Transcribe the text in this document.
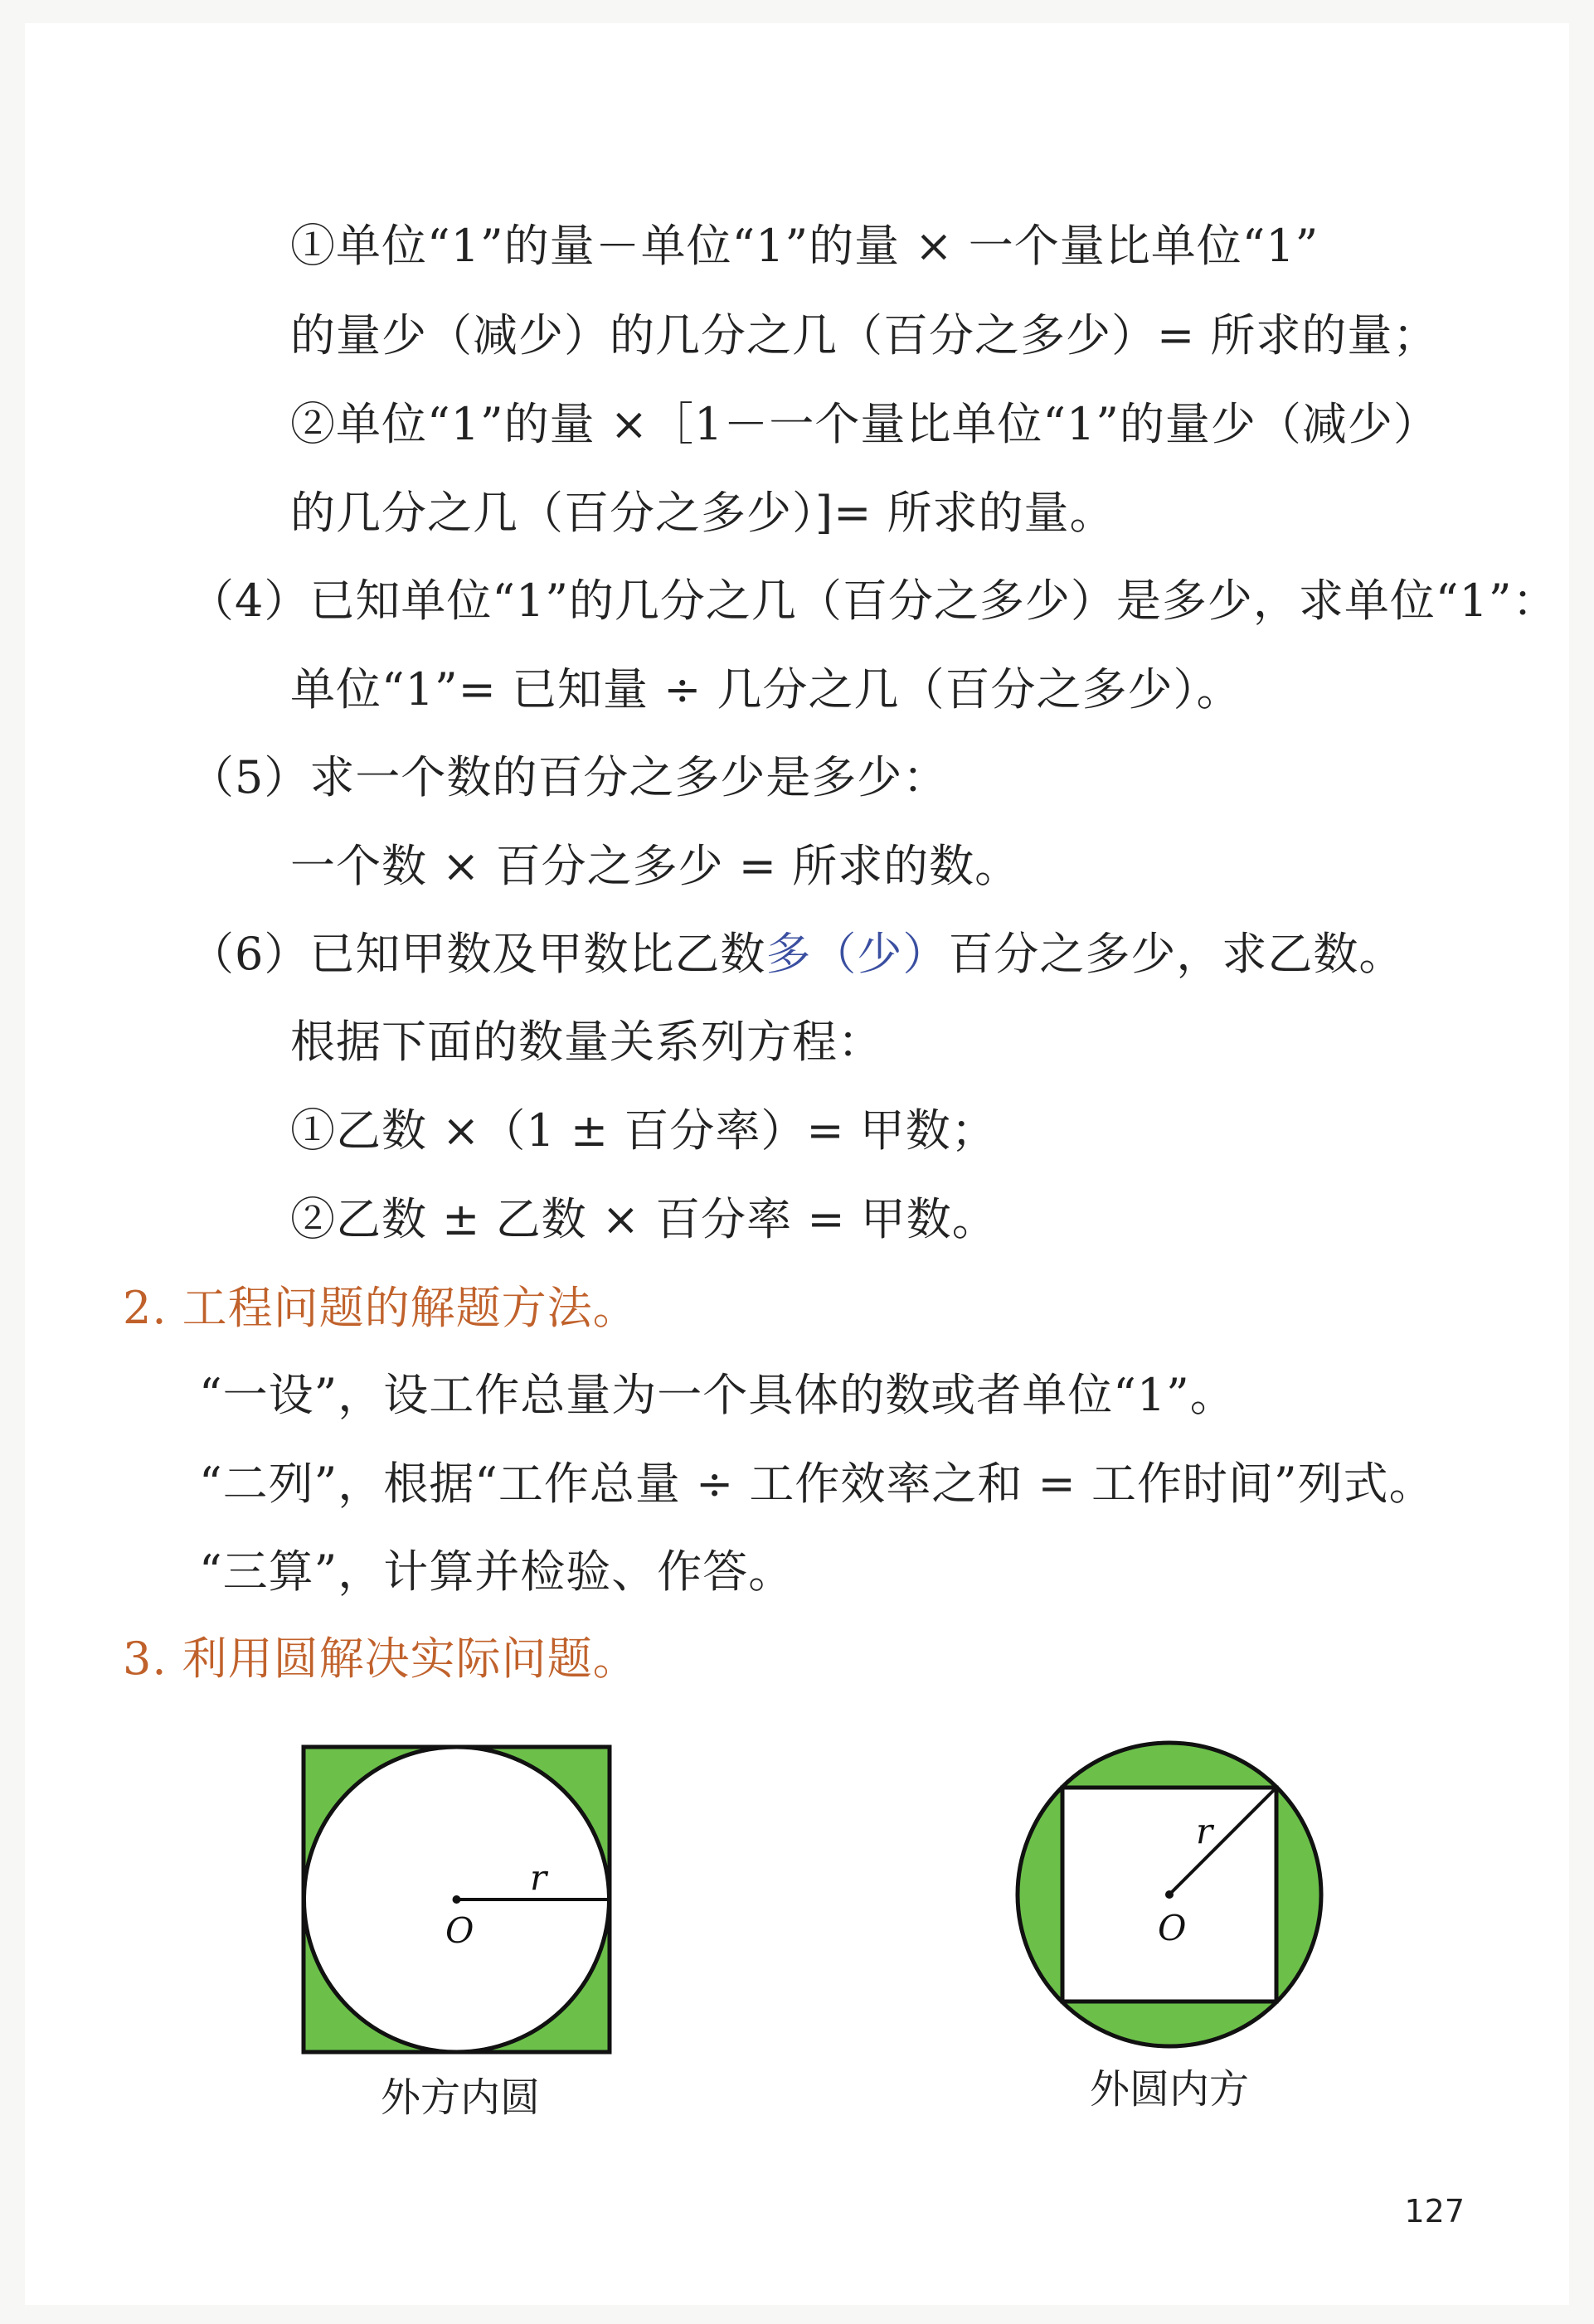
①单位“1”的量－单位“1”的量 × 一个量比单位“1”
的量少（减少）的几分之几（百分之多少）= 所求的量；
②单位“1”的量 ×［1－一个量比单位“1”的量少（减少）
的几分之几（百分之多少）]= 所求的量。
（4）已知单位“1”的几分之几（百分之多少）是多少，求单位“1”：
单位“1”= 已知量 ÷ 几分之几（百分之多少）。
（5）求一个数的百分之多少是多少：
一个数 × 百分之多少 = 所求的数。
（6）已知甲数及甲数比乙数多（少）百分之多少，求乙数。
根据下面的数量关系列方程：
①乙数 ×（1 ± 百分率）= 甲数；
②乙数 ± 乙数 × 百分率 = 甲数。
2. 工程问题的解题方法。
“一设”，设工作总量为一个具体的数或者单位“1”。
“二列”，根据“工作总量 ÷ 工作效率之和 = 工作时间”列式。
“三算”，计算并检验、作答。
3. 利用圆解决实际问题。
r
O
外方内圆
r
O
外圆内方
127
